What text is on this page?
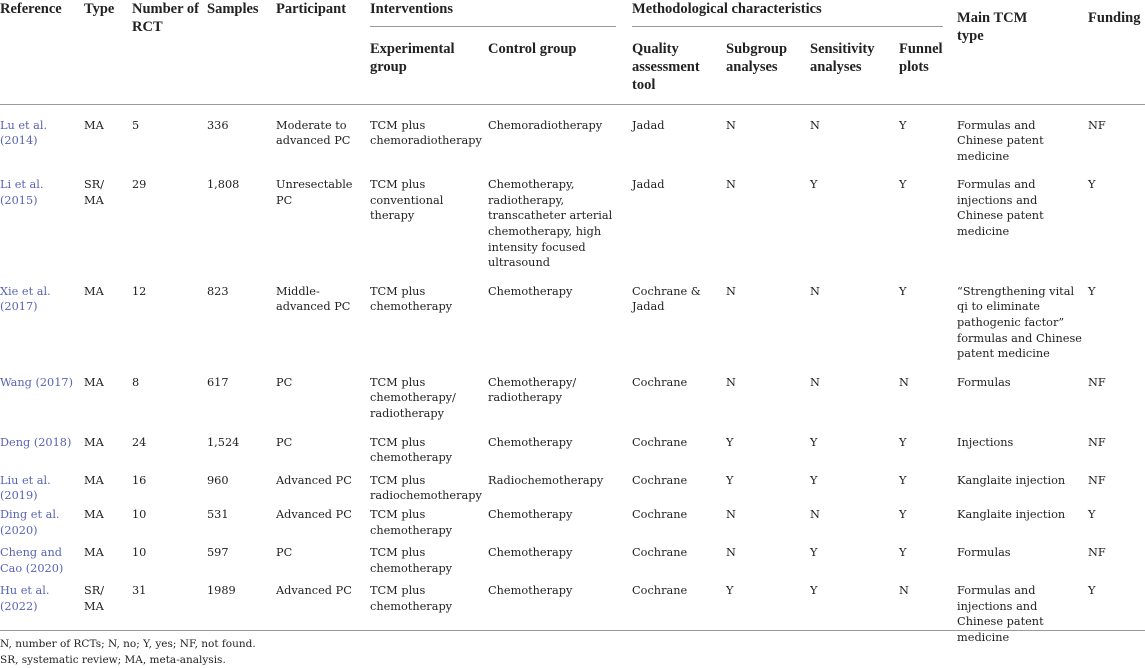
Reference	Type	Number of RCT	Samples	Participant	Interventions		Methodological characteristics				Main TCM type	Funding

					Experimental group	Control group	Quality assessment tool	Subgroup analyses	Sensitivity analyses	Funnel plots		

Lu et al. (2014)	MA	5	336	Moderate to advanced PC	TCM plus chemoradiotherapy	Chemoradiotherapy	Jadad	N	N	Y	Formulas and Chinese patent medicine	NF
Li et al. (2015)	SR/ MA	29	1,808	Unresectable PC	TCM plus conventional therapy	Chemotherapy, radiotherapy, transcatheter arterial chemotherapy, high intensity focused ultrasound	Jadad	N	Y	Y	Formulas and injections and Chinese patent medicine	Y
Xie et al. (2017)	MA	12	823	Middle-advanced PC	TCM plus chemotherapy	Chemotherapy	Cochrane & Jadad	N	N	Y	“Strengthening vital qi to eliminate pathogenic factor” formulas and Chinese patent medicine	Y
Wang (2017)	MA	8	617	PC	TCM plus chemotherapy/ radiotherapy	Chemotherapy/ radiotherapy	Cochrane	N	N	N	Formulas	NF
Deng (2018)	MA	24	1,524	PC	TCM plus chemotherapy	Chemotherapy	Cochrane	Y	Y	Y	Injections	NF
Liu et al. (2019)	MA	16	960	Advanced PC	TCM plus radiochemotherapy	Radiochemotherapy	Cochrane	Y	Y	Y	Kanglaite injection	NF
Ding et al. (2020)	MA	10	531	Advanced PC	TCM plus chemotherapy	Chemotherapy	Cochrane	N	N	Y	Kanglaite injection	Y
Cheng and Cao (2020)	MA	10	597	PC	TCM plus chemotherapy	Chemotherapy	Cochrane	N	Y	Y	Formulas	NF
Hu et al. (2022)	SR/ MA	31	1989	Advanced PC	TCM plus chemotherapy	Chemotherapy	Cochrane	Y	Y	N	Formulas and injections and Chinese patent medicine	Y
N, number of RCTs; N, no; Y, yes; NF, not found.
SR, systematic review; MA, meta-analysis.
